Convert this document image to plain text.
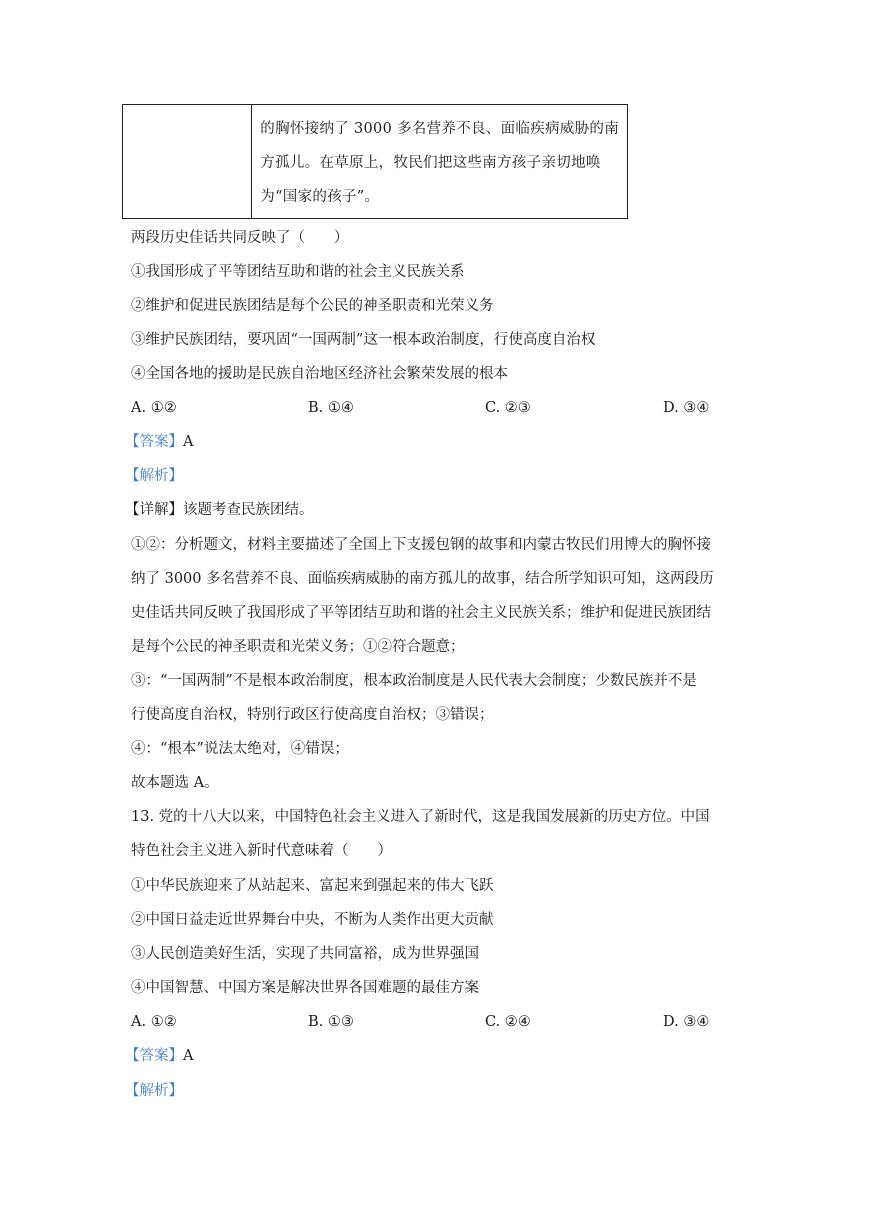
的胸怀接纳了 3000 多名营养不良、面临疾病威胁的南
方孤儿。在草原上，牧民们把这些南方孩子亲切地唤
为“国家的孩子”。
两段历史佳话共同反映了（　　）
①我国形成了平等团结互助和谐的社会主义民族关系
②维护和促进民族团结是每个公民的神圣职责和光荣义务
③维护民族团结，要巩固“一国两制”这一根本政治制度，行使高度自治权
④全国各地的援助是民族自治地区经济社会繁荣发展的根本
A. ①②	B. ①④	C. ②③	D. ③④
【答案】A
【解析】
【详解】该题考查民族团结。
①②：分析题文，材料主要描述了全国上下支援包钢的故事和内蒙古牧民们用博大的胸怀接
纳了 3000 多名营养不良、面临疾病威胁的南方孤儿的故事，结合所学知识可知，这两段历
史佳话共同反映了我国形成了平等团结互助和谐的社会主义民族关系；维护和促进民族团结
是每个公民的神圣职责和光荣义务；①②符合题意；
③：“一国两制”不是根本政治制度，根本政治制度是人民代表大会制度；少数民族并不是
行使高度自治权，特别行政区行使高度自治权；③错误；
④：“根本”说法太绝对，④错误；
故本题选 A。
13. 党的十八大以来，中国特色社会主义进入了新时代，这是我国发展新的历史方位。中国
特色社会主义进入新时代意味着（　　）
①中华民族迎来了从站起来、富起来到强起来的伟大飞跃
②中国日益走近世界舞台中央，不断为人类作出更大贡献
③人民创造美好生活，实现了共同富裕，成为世界强国
④中国智慧、中国方案是解决世界各国难题的最佳方案
A. ①②	B. ①③	C. ②④	D. ③④
【答案】A
【解析】
